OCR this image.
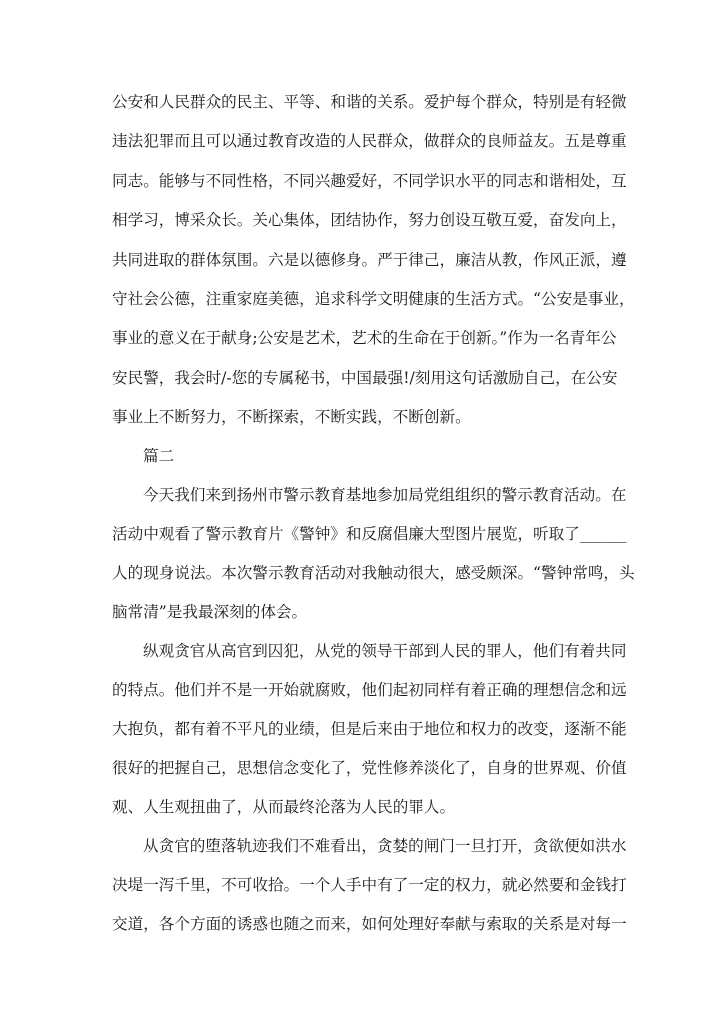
公安和人民群众的民主、平等、和谐的关系。爱护每个群众，特别是有轻微
违法犯罪而且可以通过教育改造的人民群众，做群众的良师益友。五是尊重
同志。能够与不同性格，不同兴趣爱好，不同学识水平的同志和谐相处，互
相学习，博采众长。关心集体，团结协作，努力创设互敬互爱，奋发向上，
共同进取的群体氛围。六是以德修身。严于律己，廉洁从教，作风正派，遵
守社会公德，注重家庭美德，追求科学文明健康的生活方式。“公安是事业，
事业的意义在于献身;公安是艺术，艺术的生命在于创新。”作为一名青年公
安民警，我会时/-您的专属秘书，中国最强!/刻用这句话激励自己，在公安
事业上不断努力，不断探索，不断实践，不断创新。
篇二
今天我们来到扬州市警示教育基地参加局党组组织的警示教育活动。在
活动中观看了警示教育片《警钟》和反腐倡廉大型图片展览，听取了______
人的现身说法。本次警示教育活动对我触动很大，感受颇深。“警钟常鸣，头
脑常清”是我最深刻的体会。
纵观贪官从高官到囚犯，从党的领导干部到人民的罪人，他们有着共同
的特点。他们并不是一开始就腐败，他们起初同样有着正确的理想信念和远
大抱负，都有着不平凡的业绩，但是后来由于地位和权力的改变，逐渐不能
很好的把握自己，思想信念变化了，党性修养淡化了，自身的世界观、价值
观、人生观扭曲了，从而最终沦落为人民的罪人。
从贪官的堕落轨迹我们不难看出，贪婪的闸门一旦打开，贪欲便如洪水
决堤一泻千里，不可收拾。一个人手中有了一定的权力，就必然要和金钱打
交道，各个方面的诱惑也随之而来，如何处理好奉献与索取的关系是对每一
